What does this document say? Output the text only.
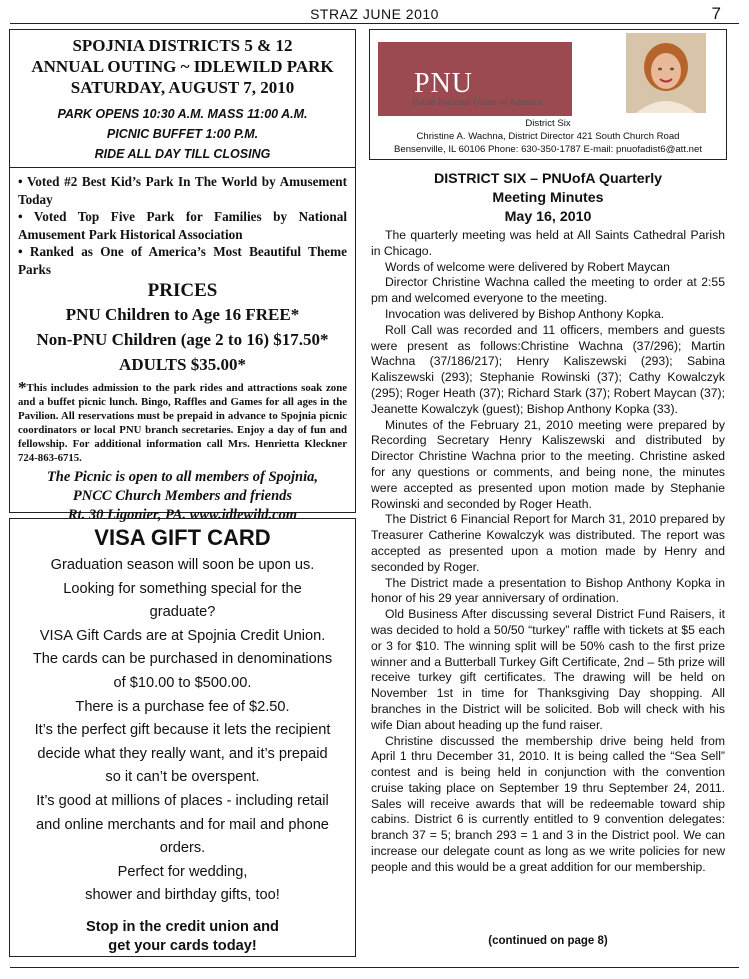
STRAZ JUNE 2010	7
SPOJNIA DISTRICTS 5 & 12
ANNUAL OUTING ~ IDLEWILD PARK
SATURDAY, AUGUST 7, 2010
PARK OPENS 10:30 A.M. MASS 11:00 A.M.
PICNIC BUFFET 1:00 P.M.
RIDE ALL DAY TILL CLOSING
• Voted #2 Best Kid’s Park In The World by Amusement Today
• Voted Top Five Park for Families by National Amusement Park Historical Association
• Ranked as One of America’s Most Beautiful Theme Parks
PRICES
PNU Children to Age 16 FREE*
Non-PNU Children (age 2 to 16) $17.50*
ADULTS $35.00*
*This includes admission to the park rides and attractions soak zone and a buffet picnic lunch. Bingo, Raffles and Games for all ages in the Pavilion. All reservations must be prepaid in advance to Spojnia picnic coordinators or local PNU branch secretaries. Enjoy a day of fun and fellowship. For additional information call Mrs. Henrietta Kleckner 724-863-6715.
The Picnic is open to all members of Spojnia,
PNCC Church Members and friends
Rt. 30 Ligonier, PA. www.idlewild.com
VISA GIFT CARD
Graduation season will soon be upon us.
Looking for something special for the
graduate?
VISA Gift Cards are at Spojnia Credit Union.
The cards can be purchased in denominations
of $10.00 to $500.00.
There is a purchase fee of $2.50.
It’s the perfect gift because it lets the recipient
decide what they really want, and it’s prepaid
so it can’t be overspent.
It’s good at millions of places - including retail
and online merchants and for mail and phone
orders.
Perfect for wedding,
shower and birthday gifts, too!
Stop in the credit union and
get your cards today!
PNU
Polish National Union of America
District Six
Christine A. Wachna, District Director 421 South Church Road
Bensenville, IL 60106 Phone: 630-350-1787 E-mail: pnuofadist6@att.net
DISTRICT SIX – PNUofA Quarterly
Meeting Minutes
May 16, 2010

The quarterly meeting was held at All Saints Cathedral Parish in Chicago.

Words of welcome were delivered by Robert Maycan

Director Christine Wachna called the meeting to order at 2:55 pm and welcomed everyone to the meeting.

Invocation was delivered by Bishop Anthony Kopka.

Roll Call was recorded and 11 officers, members and guests were present as follows:Christine Wachna (37/296); Martin Wachna (37/186/217); Henry Kaliszewski (293); Sabina Kaliszewski (293); Stephanie Rowinski (37); Cathy Kowalczyk (295); Roger Heath (37); Richard Stark (37); Robert Maycan (37); Jeanette Kowalczyk (guest); Bishop Anthony Kopka (33).

Minutes of the February 21, 2010 meeting were prepared by Recording Secretary Henry Kaliszewski and distributed by Director Christine Wachna prior to the meeting. Christine asked for any questions or comments, and being none, the minutes were accepted as presented upon motion made by Stephanie Rowinski and seconded by Roger Heath.

The District 6 Financial Report for March 31, 2010 prepared by Treasurer Catherine Kowalczyk was distributed. The report was accepted as presented upon a motion made by Henry and seconded by Roger.

The District made a presentation to Bishop Anthony Kopka in honor of his 29 year anniversary of ordination.

Old Business After discussing several District Fund Raisers, it was decided to hold a 50/50 “turkey” raffle with tickets at $5 each or 3 for $10. The winning split will be 50% cash to the first prize winner and a Butterball Turkey Gift Certificate, 2nd – 5th prize will receive turkey gift certificates. The drawing will be held on November 1st in time for Thanksgiving Day shopping. All branches in the District will be solicited. Bob will check with his wife Dian about heading up the fund raiser.

Christine discussed the membership drive being held from April 1 thru December 31, 2010. It is being called the “Sea Sell” contest and is being held in conjunction with the convention cruise taking place on September 19 thru September 24, 2011. Sales will receive awards that will be redeemable toward ship cabins. District 6 is currently entitled to 9 convention delegates: branch 37 = 5; branch 293 = 1 and 3 in the District pool. We can increase our delegate count as long as we write policies for new people and this would be a great addition for our membership.

(continued on page 8)
